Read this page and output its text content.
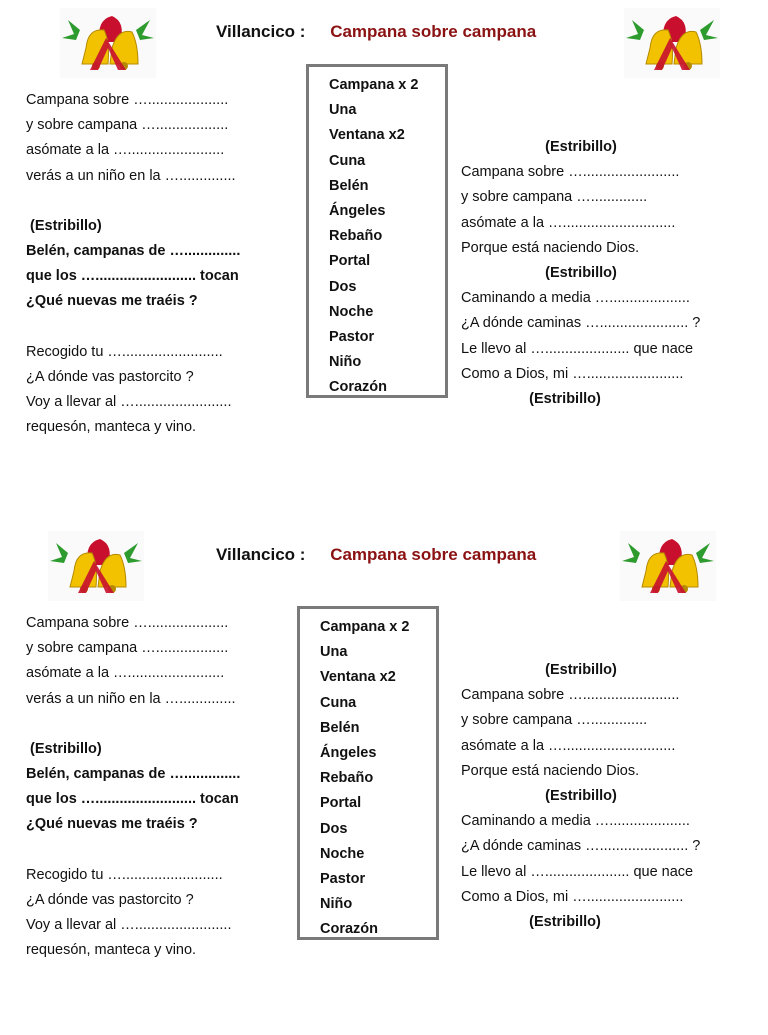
Villancico : Campana sobre campana

Campana sobre …....................

y sobre campana …..................

asómate a la …........................

verás a un niño en la …..............

(Estribillo)

Belén, campanas de …..............

que los …......................... tocan

¿Qué nuevas me traéis ?

Recogido tu ….........................

¿A dónde vas pastorcito ?

Voy a llevar al …........................

requesón, manteca y vino.

Campana x 2
Una
Ventana x2
Cuna
Belén
Ángeles
Rebaño
Portal
Dos
Noche
Pastor
Niño
Corazón

(Estribillo)

Campana sobre …........................

y sobre campana …..............

asómate a la …............................

Porque está naciendo Dios.

(Estribillo)

Caminando a media …....................

¿A dónde caminas …...................... ?

Le llevo al …..................... que nace

Como a Dios, mi …........................

(Estribillo)

Villancico : Campana sobre campana

Campana sobre …....................

y sobre campana …..................

asómate a la …........................

verás a un niño en la …..............

(Estribillo)

Belén, campanas de …..............

que los …......................... tocan

¿Qué nuevas me traéis ?

Recogido tu ….........................

¿A dónde vas pastorcito ?

Voy a llevar al …........................

requesón, manteca y vino.

Campana x 2
Una
Ventana x2
Cuna
Belén
Ángeles
Rebaño
Portal
Dos
Noche
Pastor
Niño
Corazón

(Estribillo)

Campana sobre …........................

y sobre campana …..............

asómate a la …............................

Porque está naciendo Dios.

(Estribillo)

Caminando a media …....................

¿A dónde caminas …...................... ?

Le llevo al …..................... que nace

Como a Dios, mi …........................

(Estribillo)
